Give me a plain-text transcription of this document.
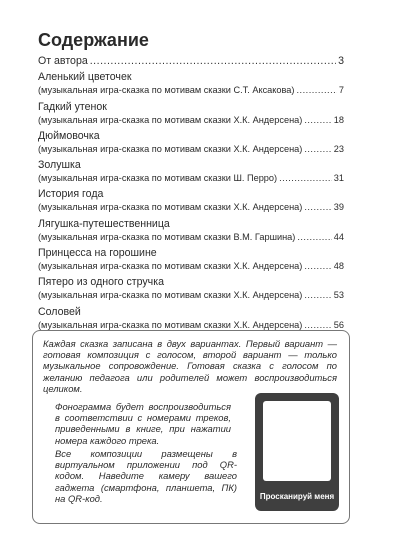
Содержание
От автора .....	3
Аленький цветочек
(музыкальная игра-сказка по мотивам сказки С.Т. Аксакова) .....	7
Гадкий утенок
(музыкальная игра-сказка по мотивам сказки Х.К. Андерсена) .....	18
Дюймовочка
(музыкальная игра-сказка по мотивам сказки Х.К. Андерсена) .....	23
Золушка
(музыкальная игра-сказка по мотивам сказки Ш. Перро) .....	31
История года
(музыкальная игра-сказка по мотивам сказки Х.К. Андерсена) .....	39
Лягушка-путешественница
(музыкальная игра-сказка по мотивам сказки В.М. Гаршина) .....	44
Принцесса на горошине
(музыкальная игра-сказка по мотивам сказки Х.К. Андерсена) .....	48
Пятеро из одного стручка
(музыкальная игра-сказка по мотивам сказки Х.К. Андерсена) .....	53
Соловей
(музыкальная игра-сказка по мотивам сказки Х.К. Андерсена) .....	56
Каждая сказка записана в двух вариантах. Первый вариант — готовая композиция с голосом, второй вариант — только музыкальное сопровождение. Готовая сказка с голосом по желанию педагога или родителей может воспроизводиться целиком.
Фонограмма будет воспроизводиться в соответствии с номерами треков, приведенными в книге, при нажатии номера каждого трека.
Все композиции размещены в виртуальном приложении под QR-кодом. Наведите камеру вашего гаджета (смартфона, планшета, ПК) на QR-код.	Просканируй меня
